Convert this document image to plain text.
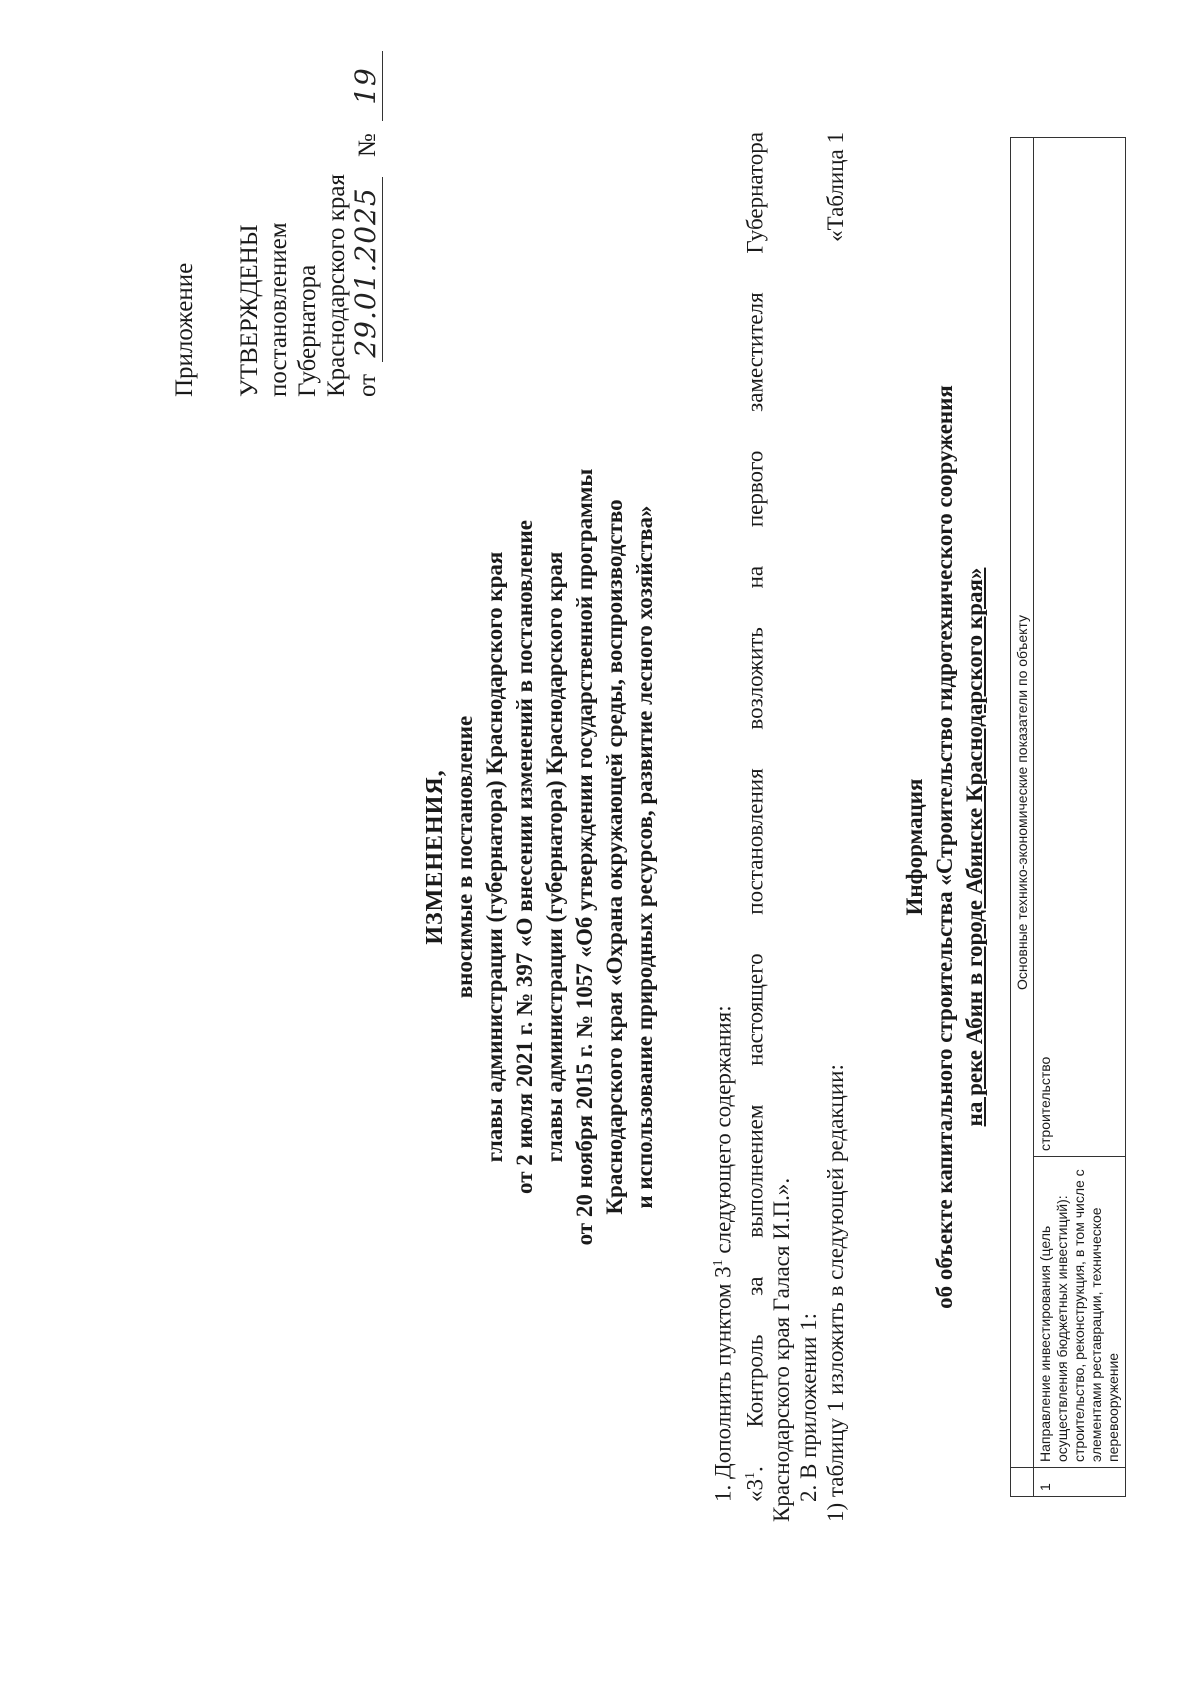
Приложение УТВЕРЖДЕНЫ постановлением Губернатора Краснодарского края от 29.01.2025 № 19
ИЗМЕНЕНИЯ, вносимые в постановление главы администрации (губернатора) Краснодарского края от 2 июля 2021 г. № 397 «О внесении изменений в постановление главы администрации (губернатора) Краснодарского края от 20 ноября 2015 г. № 1057 «Об утверждении государственной программы Краснодарского края «Охрана окружающей среды, воспроизводство и использование природных ресурсов, развитие лесного хозяйства»

1. Дополнить пунктом $3^1$ следующего содержания:

«$3^1$. Контроль за выполнением настоящего постановления возложить на первого заместителя Губернатора Краснодарского края Галася И.П.». 2. В приложении 1: 1) таблицу 1 изложить в следующей редакции:

«Таблица 1

Информация об объекте капитального строительства «Строительство гидротехнического сооружения на реке Абин в городе Абинске Краснодарского края»
	Основные технико-экономические показатели по объекту	
1	Направление инвестирования (цель осуществления бюджетных инвестиций): строительство, реконструкция, в том числе с элементами реставрации, техническое перевооружение	строительство
